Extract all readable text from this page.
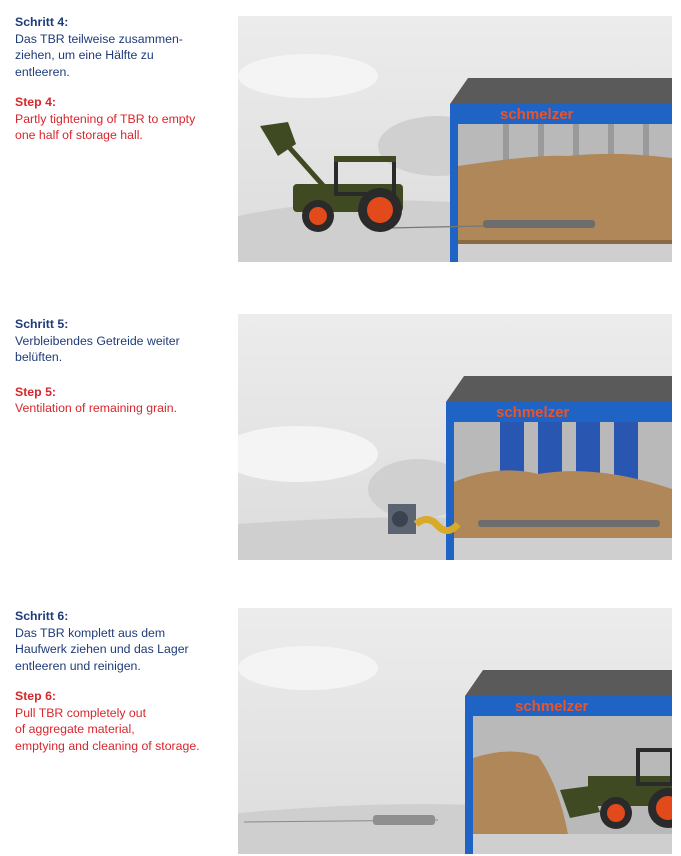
Schritt 4:
Das TBR teilweise zusammen-
ziehen, um eine Hälfte zu
entleeren.
Step 4:
Partly tightening of TBR to empty
one half of storage hall.
schmelzer
Schritt 5:
Verbleibendes Getreide weiter
belüften.
Step 5:
Ventilation of remaining grain.	schmelzer
Schritt 6:
Das TBR komplett aus dem
Haufwerk ziehen und das Lager
entleeren und reinigen.
Step 6:
Pull TBR completely out
of aggregate material,
emptying and cleaning of storage.
schmelzer
